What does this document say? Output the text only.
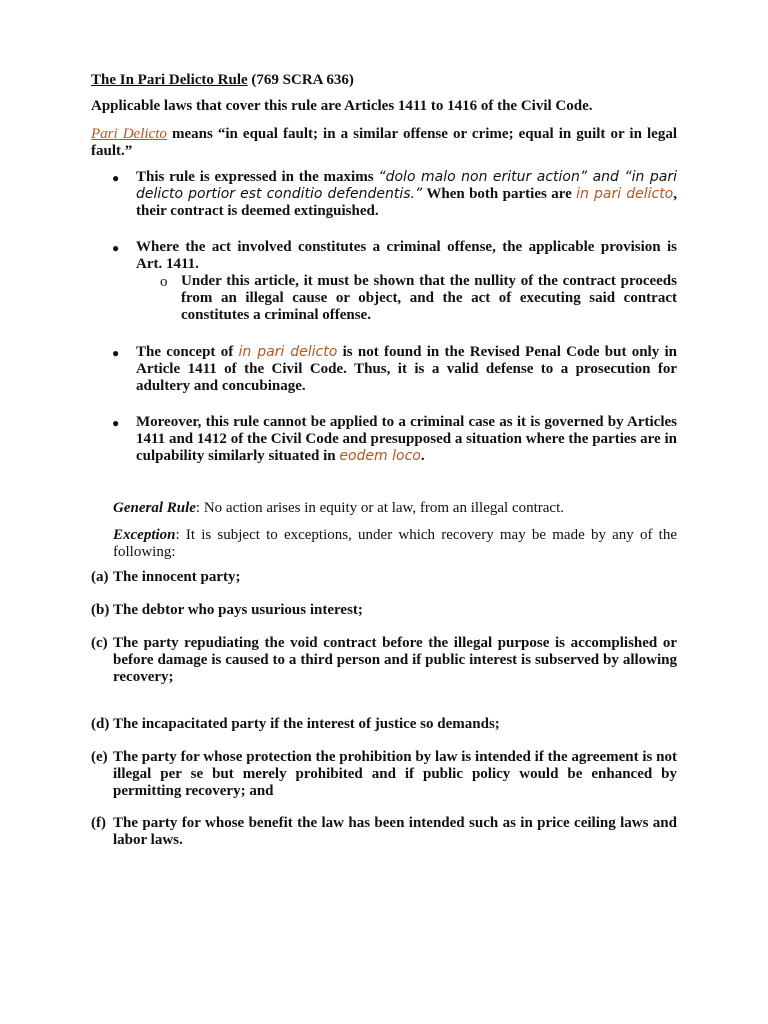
The In Pari Delicto Rule (769 SCRA 636)
Applicable laws that cover this rule are Articles 1411 to 1416 of the Civil Code.
Pari Delicto means “in equal fault; in a similar offense or crime; equal in guilt or in legal fault.”
● This rule is expressed in the maxims “dolo malo non eritur action” and “in pari delicto portior est conditio defendentis.” When both parties are in pari delicto, their contract is deemed extinguished.
● Where the act involved constitutes a criminal offense, the applicable provision is Art. 1411.
o Under this article, it must be shown that the nullity of the contract proceeds from an illegal cause or object, and the act of executing said contract constitutes a criminal offense.
● The concept of in pari delicto is not found in the Revised Penal Code but only in Article 1411 of the Civil Code. Thus, it is a valid defense to a prosecution for adultery and concubinage.
● Moreover, this rule cannot be applied to a criminal case as it is governed by Articles 1411 and 1412 of the Civil Code and presupposed a situation where the parties are in culpability similarly situated in eodem loco.
General Rule: No action arises in equity or at law, from an illegal contract.
Exception: It is subject to exceptions, under which recovery may be made by any of the following:
(a) The innocent party;
(b) The debtor who pays usurious interest;
(c) The party repudiating the void contract before the illegal purpose is accomplished or before damage is caused to a third person and if public interest is subserved by allowing recovery;
(d) The incapacitated party if the interest of justice so demands;
(e) The party for whose protection the prohibition by law is intended if the agreement is not illegal per se but merely prohibited and if public policy would be enhanced by permitting recovery; and
(f) The party for whose benefit the law has been intended such as in price ceiling laws and labor laws.
